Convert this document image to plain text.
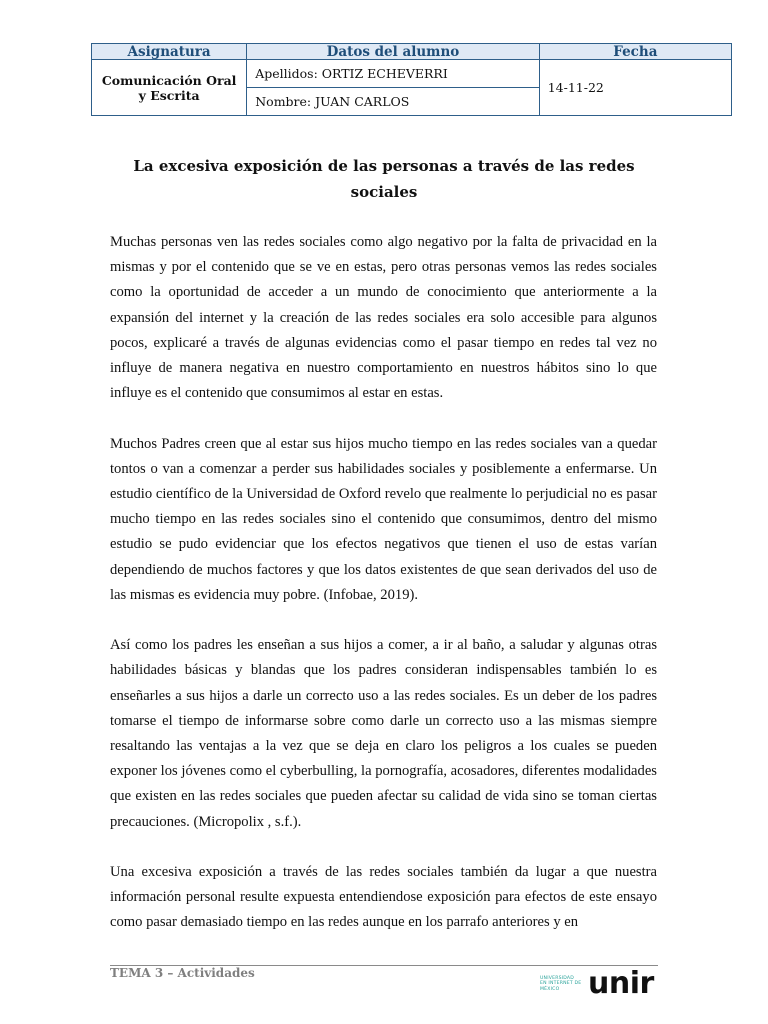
Asignatura	Datos del alumno	Fecha
Comunicación Oral y Escrita	Apellidos: ORTIZ ECHEVERRI	14-11-22
	Nombre: JUAN CARLOS	
La excesiva exposición de las personas a través de las redes sociales

Muchas personas ven las redes sociales como algo negativo por la falta de privacidad en la mismas y por el contenido que se ve en estas, pero otras personas vemos las redes sociales como la oportunidad de acceder a un mundo de conocimiento que anteriormente a la expansión del internet y la creación de las redes sociales era solo accesible para algunos pocos, explicaré a través de algunas evidencias como el pasar tiempo en redes tal vez no influye de manera negativa en nuestro comportamiento en nuestros hábitos sino lo que influye es el contenido que consumimos al estar en estas.

Muchos Padres creen que al estar sus hijos mucho tiempo en las redes sociales van a quedar tontos o van a comenzar a perder sus habilidades sociales y posiblemente a enfermarse. Un estudio científico de la Universidad de Oxford revelo que realmente lo perjudicial no es pasar mucho tiempo en las redes sociales sino el contenido que consumimos, dentro del mismo estudio se pudo evidenciar que los efectos negativos que tienen el uso de estas varían dependiendo de muchos factores y que los datos existentes de que sean derivados del uso de las mismas es evidencia muy pobre. (Infobae, 2019).

Así como los padres les enseñan a sus hijos a comer, a ir al baño, a saludar y algunas otras habilidades básicas y blandas que los padres consideran indispensables también lo es enseñarles a sus hijos a darle un correcto uso a las redes sociales. Es un deber de los padres tomarse el tiempo de informarse sobre como darle un correcto uso a las mismas siempre resaltando las ventajas a la vez que se deja en claro los peligros a los cuales se pueden exponer los jóvenes como el cyberbulling, la pornografía, acosadores, diferentes modalidades que existen en las redes sociales que pueden afectar su calidad de vida sino se toman ciertas precauciones. (Micropolix , s.f.).

Una excesiva exposición a través de las redes sociales también da lugar a que nuestra información personal resulte expuesta entendiendose exposición para efectos de este ensayo como pasar demasiado tiempo en las redes aunque en los parrafo anteriores y en

TEMA 3 – Actividades	UNIVERSIDAD EN INTERNET DE MÉXICO unir
